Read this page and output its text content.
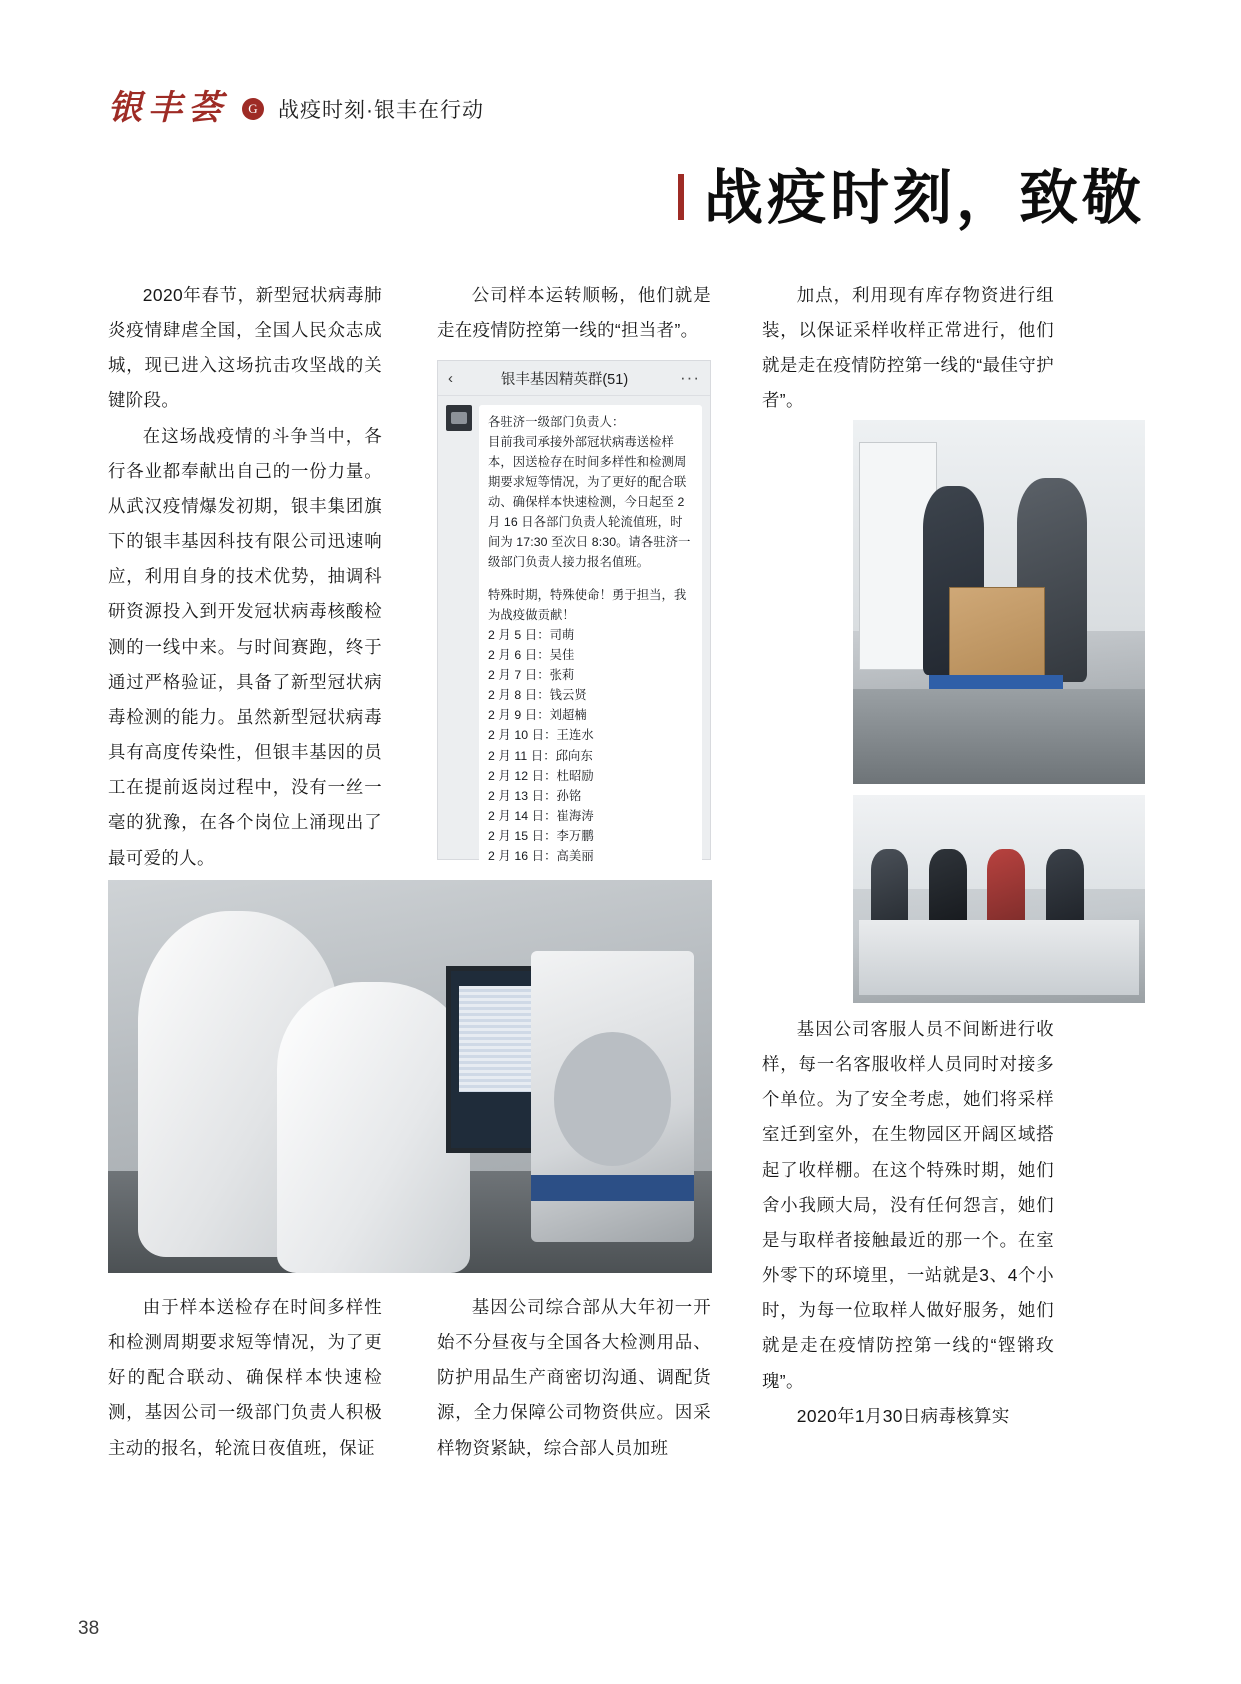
银丰荟	G 战疫时刻·银丰在行动
战疫时刻，致敬

2020年春节，新型冠状病毒肺炎疫情肆虐全国，全国人民众志成城，现已进入这场抗击攻坚战的关键阶段。

在这场战疫情的斗争当中，各行各业都奉献出自己的一份力量。从武汉疫情爆发初期，银丰集团旗下的银丰基因科技有限公司迅速响应，利用自身的技术优势，抽调科研资源投入到开发冠状病毒核酸检测的一线中来。与时间赛跑，终于通过严格验证，具备了新型冠状病毒检测的能力。虽然新型冠状病毒具有高度传染性，但银丰基因的员工在提前返岗过程中，没有一丝一毫的犹豫，在各个岗位上涌现出了最可爱的人。

由于样本送检存在时间多样性和检测周期要求短等情况，为了更好的配合联动、确保样本快速检测，基因公司一级部门负责人积极主动的报名，轮流日夜值班，保证

公司样本运转顺畅，他们就是走在疫情防控第一线的“担当者”。

‹	银丰基因精英群(51)	···

各驻济一级部门负责人：

目前我司承接外部冠状病毒送检样本，因送检存在时间多样性和检测周期要求短等情况，为了更好的配合联动、确保样本快速检测，今日起至 2 月 16 日各部门负责人轮流值班，时间为 17:30 至次日 8:30。请各驻济一级部门负责人接力报名值班。

特殊时期，特殊使命！勇于担当，我为战疫做贡献！

2 月 5 日：司萌

2 月 6 日：吴佳

2 月 7 日：张莉

2 月 8 日：钱云贤

2 月 9 日：刘超楠

2 月 10 日：王连水

2 月 11 日：邱向东

2 月 12 日：杜昭励

2 月 13 日：孙铭

2 月 14 日：崔海涛

2 月 15 日：李万鹏

2 月 16 日：高美丽

基因公司综合部从大年初一开始不分昼夜与全国各大检测用品、防护用品生产商密切沟通、调配货源，全力保障公司物资供应。因采样物资紧缺，综合部人员加班

加点，利用现有库存物资进行组装，以保证采样收样正常进行，他们就是走在疫情防控第一线的“最佳守护者”。

基因公司客服人员不间断进行收样，每一名客服收样人员同时对接多个单位。为了安全考虑，她们将采样室迁到室外，在生物园区开阔区域搭起了收样棚。在这个特殊时期，她们舍小我顾大局，没有任何怨言，她们是与取样者接触最近的那一个。在室外零下的环境里，一站就是3、4个小时，为每一位取样人做好服务，她们就是走在疫情防控第一线的“铿锵玫瑰”。

2020年1月30日病毒核算实

38
